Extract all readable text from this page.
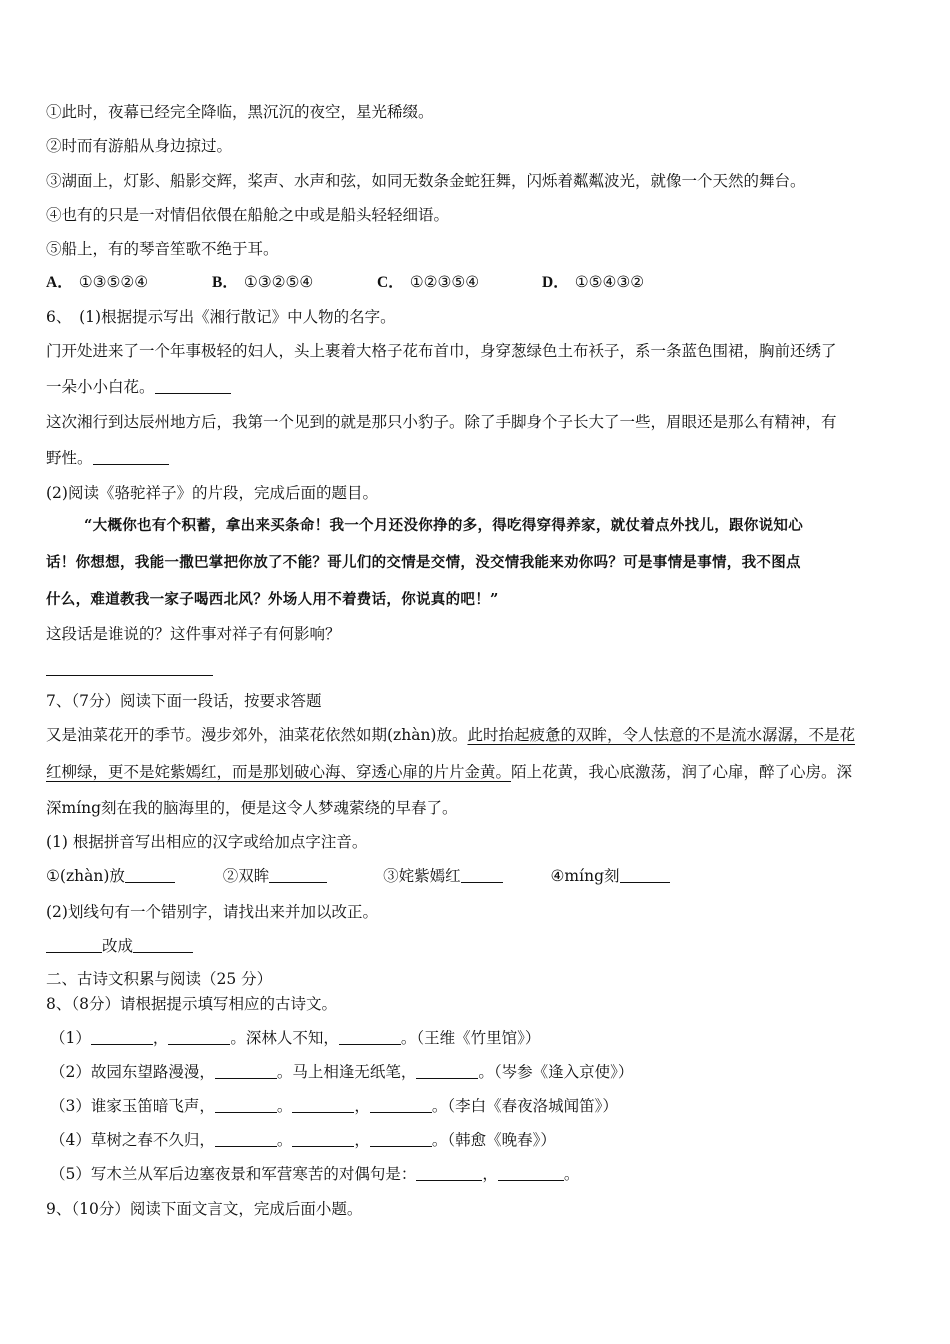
①此时，夜幕已经完全降临，黑沉沉的夜空，星光稀缀。
②时而有游船从身边掠过。
③湖面上，灯影、船影交辉，桨声、水声和弦，如同无数条金蛇狂舞，闪烁着粼粼波光，就像一个天然的舞台。
④也有的只是一对情侣依偎在船舱之中或是船头轻轻细语。
⑤船上，有的琴音笙歌不绝于耳。
A． ①③⑤②④	B． ①③②⑤④	C． ①②③⑤④	D． ①⑤④③②
6、　(1)根据提示写出《湘行散记》中人物的名字。
门开处进来了一个年事极轻的妇人，头上裹着大格子花布首巾，身穿葱绿色土布袄子，系一条蓝色围裙，胸前还绣了
一朵小小白花。
这次湘行到达辰州地方后，我第一个见到的就是那只小豹子。除了手脚身个子长大了一些，眉眼还是那么有精神，有
野性。
(2)阅读《骆驼祥子》的片段，完成后面的题目。
“大概你也有个积蓄，拿出来买条命！我一个月还没你挣的多，得吃得穿得养家，就仗着点外找儿，跟你说知心
话！你想想，我能一撒巴掌把你放了不能？哥儿们的交情是交情，没交情我能来劝你吗？可是事情是事情，我不图点
什么，难道教我一家子喝西北风？外场人用不着费话，你说真的吧！”
这段话是谁说的？这件事对祥子有何影响？
7、（7分）阅读下面一段话，按要求答题
又是油菜花开的季节。漫步郊外，油菜花依然如期(zhàn)放。此时抬起疲惫的双眸，令人怯意的不是流水潺潺，不是花
红柳绿，更不是姹紫嫣红，而是那划破心海、穿透心扉的片片金黄。陌上花黄，我心底激荡，润了心扉，醉了心房。深
深míng刻在我的脑海里的，便是这令人梦魂萦绕的早春了。
(1) 根据拼音写出相应的汉字或给加点字注音。
①(zhàn)放	②双眸	③姹紫嫣红	④míng刻
(2)划线句有一个错别字，请找出来并加以改正。
改成
二、古诗文积累与阅读（25 分）
8、（8分）请根据提示填写相应的古诗文。
（1）	，	。深林人不知，	。（王维《竹里馆》）
（2）故园东望路漫漫，	。马上相逢无纸笔，	。（岑参《逢入京使》）
（3）谁家玉笛暗飞声，	。	，	。（李白《春夜洛城闻笛》）
（4）草树之春不久归，	。	，	。（韩愈《晚春》）
（5）写木兰从军后边塞夜景和军营寒苦的对偶句是：	，	。
9、（10分）阅读下面文言文，完成后面小题。
